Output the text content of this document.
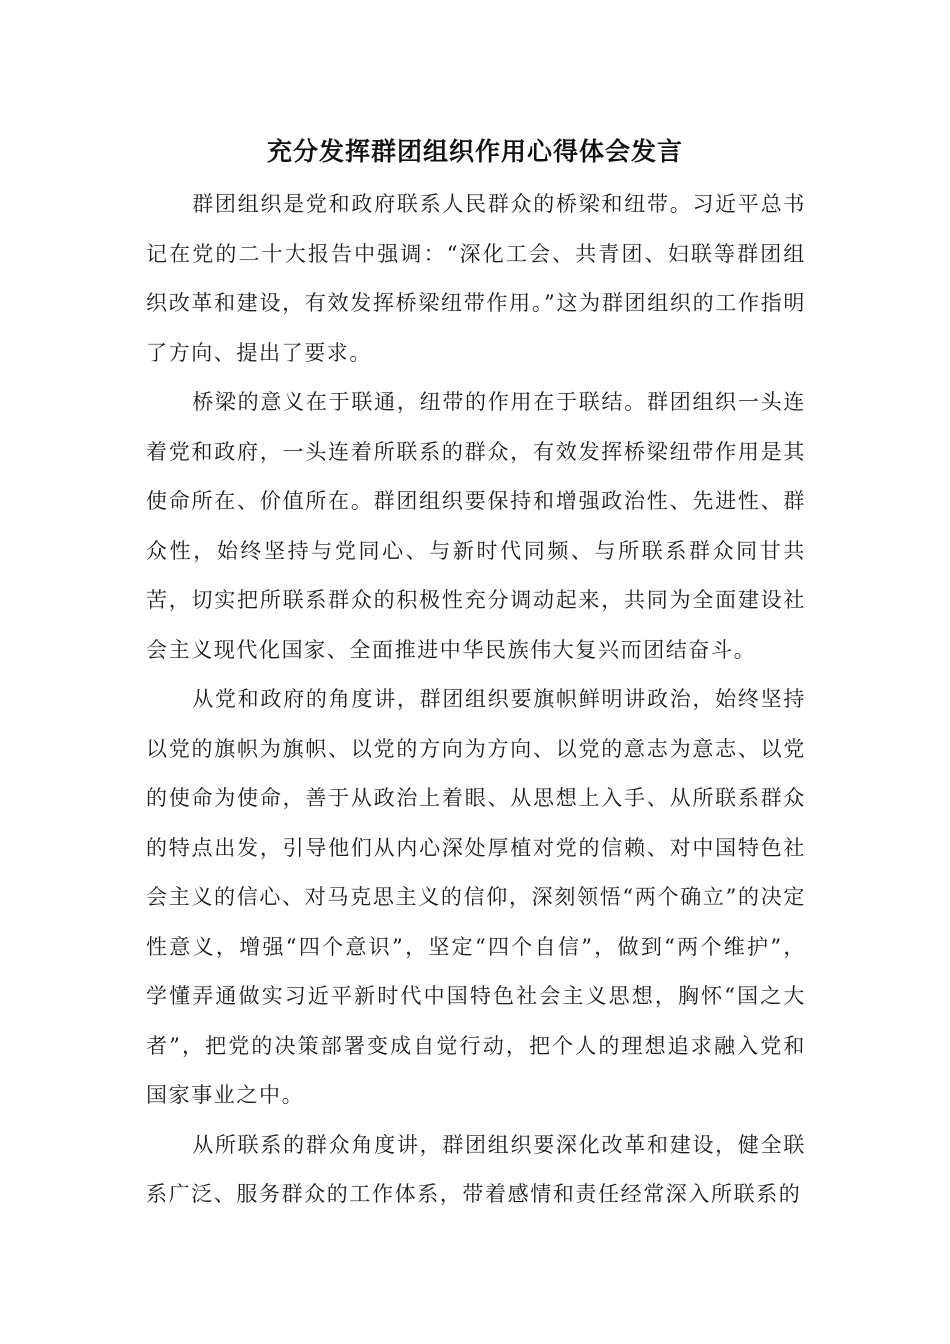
充分发挥群团组织作用心得体会发言

群团组织是党和政府联系人民群众的桥梁和纽带。习近平总书记在党的二十大报告中强调：“深化工会、共青团、妇联等群团组织改革和建设，有效发挥桥梁纽带作用。”这为群团组织的工作指明了方向、提出了要求。

桥梁的意义在于联通，纽带的作用在于联结。群团组织一头连着党和政府，一头连着所联系的群众，有效发挥桥梁纽带作用是其使命所在、价值所在。群团组织要保持和增强政治性、先进性、群众性，始终坚持与党同心、与新时代同频、与所联系群众同甘共苦，切实把所联系群众的积极性充分调动起来，共同为全面建设社会主义现代化国家、全面推进中华民族伟大复兴而团结奋斗。

从党和政府的角度讲，群团组织要旗帜鲜明讲政治，始终坚持以党的旗帜为旗帜、以党的方向为方向、以党的意志为意志、以党的使命为使命，善于从政治上着眼、从思想上入手、从所联系群众的特点出发，引导他们从内心深处厚植对党的信赖、对中国特色社会主义的信心、对马克思主义的信仰，深刻领悟“两个确立”的决定性意义，增强“四个意识”，坚定“四个自信”，做到“两个维护”，学懂弄通做实习近平新时代中国特色社会主义思想，胸怀“国之大者”，把党的决策部署变成自觉行动，把个人的理想追求融入党和国家事业之中。

从所联系的群众角度讲，群团组织要深化改革和建设，健全联系广泛、服务群众的工作体系，带着感情和责任经常深入所联系的
